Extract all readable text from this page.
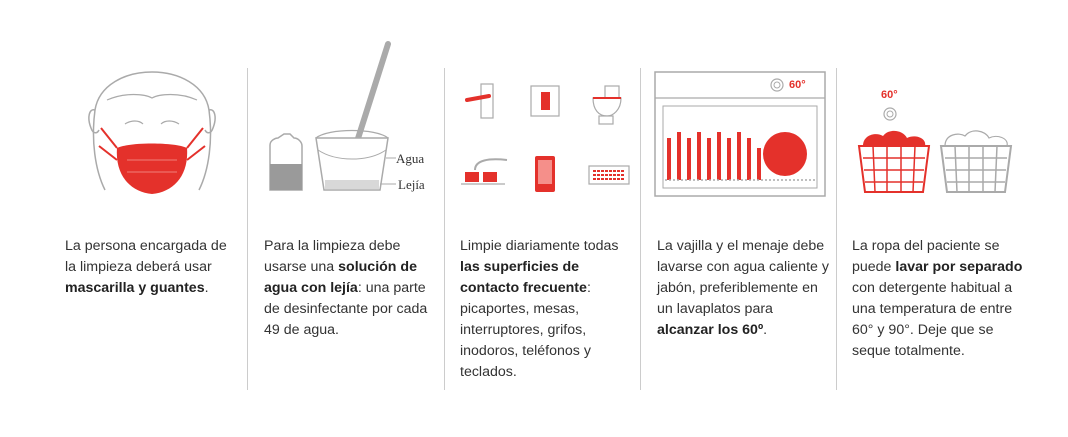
La persona encargada de la limpieza deberá usar mascarilla y guantes.
Agua
Lejía
Para la limpieza debe usarse una solución de agua con lejía: una parte de desinfectante por cada 49 de agua.
Limpie diariamente todas las superficies de contacto frecuente: picaportes, mesas, interruptores, grifos, inodoros, teléfonos y teclados.
60°
La vajilla y el menaje debe lavarse con agua caliente y jabón, preferiblemente en un lavaplatos para alcanzar los 60º.
60°
La ropa del paciente se puede lavar por separado con detergente habitual a una temperatura de entre 60° y 90°. Deje que se seque totalmente.
